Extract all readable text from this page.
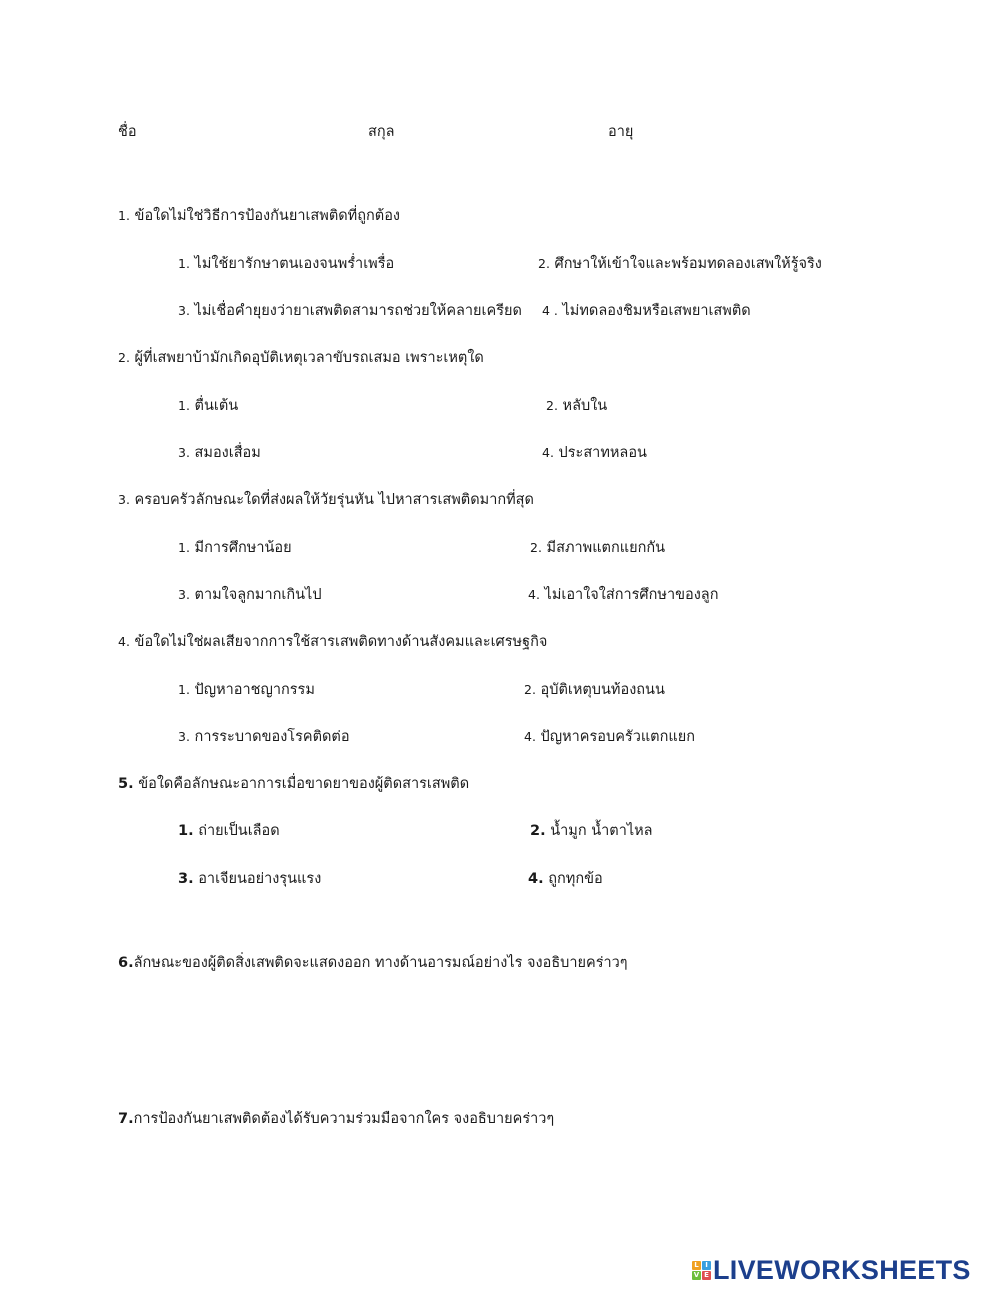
ชื่อ	สกุล	อายุ
1. ข้อใดไม่ใช่วิธีการป้องกันยาเสพติดที่ถูกต้อง
1. ไม่ใช้ยารักษาตนเองจนพร่ำเพรื่อ	2. ศึกษาให้เข้าใจและพร้อมทดลองเสพให้รู้จริง
3. ไม่เชื่อคำยุยงว่ายาเสพติดสามารถช่วยให้คลายเครียด 4 . ไม่ทดลองชิมหรือเสพยาเสพติด
2. ผู้ที่เสพยาบ้ามักเกิดอุบัติเหตุเวลาขับรถเสมอ เพราะเหตุใด
1. ตื่นเต้น	2. หลับใน
3. สมองเสื่อม	4. ประสาทหลอน
3. ครอบครัวลักษณะใดที่ส่งผลให้วัยรุ่นหัน ไปหาสารเสพติดมากที่สุด
1. มีการศึกษาน้อย	2. มีสภาพแตกแยกกัน
3. ตามใจลูกมากเกินไป	4. ไม่เอาใจใส่การศึกษาของลูก
4. ข้อใดไม่ใช่ผลเสียจากการใช้สารเสพติดทางด้านสังคมและเศรษฐกิจ
1. ปัญหาอาชญากรรม	2. อุบัติเหตุบนท้องถนน
3. การระบาดของโรคติดต่อ	4. ปัญหาครอบครัวแตกแยก
5. ข้อใดคือลักษณะอาการเมื่อขาดยาของผู้ติดสารเสพติด
1. ถ่ายเป็นเลือด	2. น้ำมูก น้ำตาไหล
3. อาเจียนอย่างรุนแรง	4. ถูกทุกข้อ
6.ลักษณะของผู้ติดสิ่งเสพติดจะแสดงออก ทางด้านอารมณ์อย่างไร จงอธิบายคร่าวๆ
7.การป้องกันยาเสพติดต้องได้รับความร่วมมือจากใคร จงอธิบายคร่าวๆ
L I
V E LIVEWORKSHEETS
